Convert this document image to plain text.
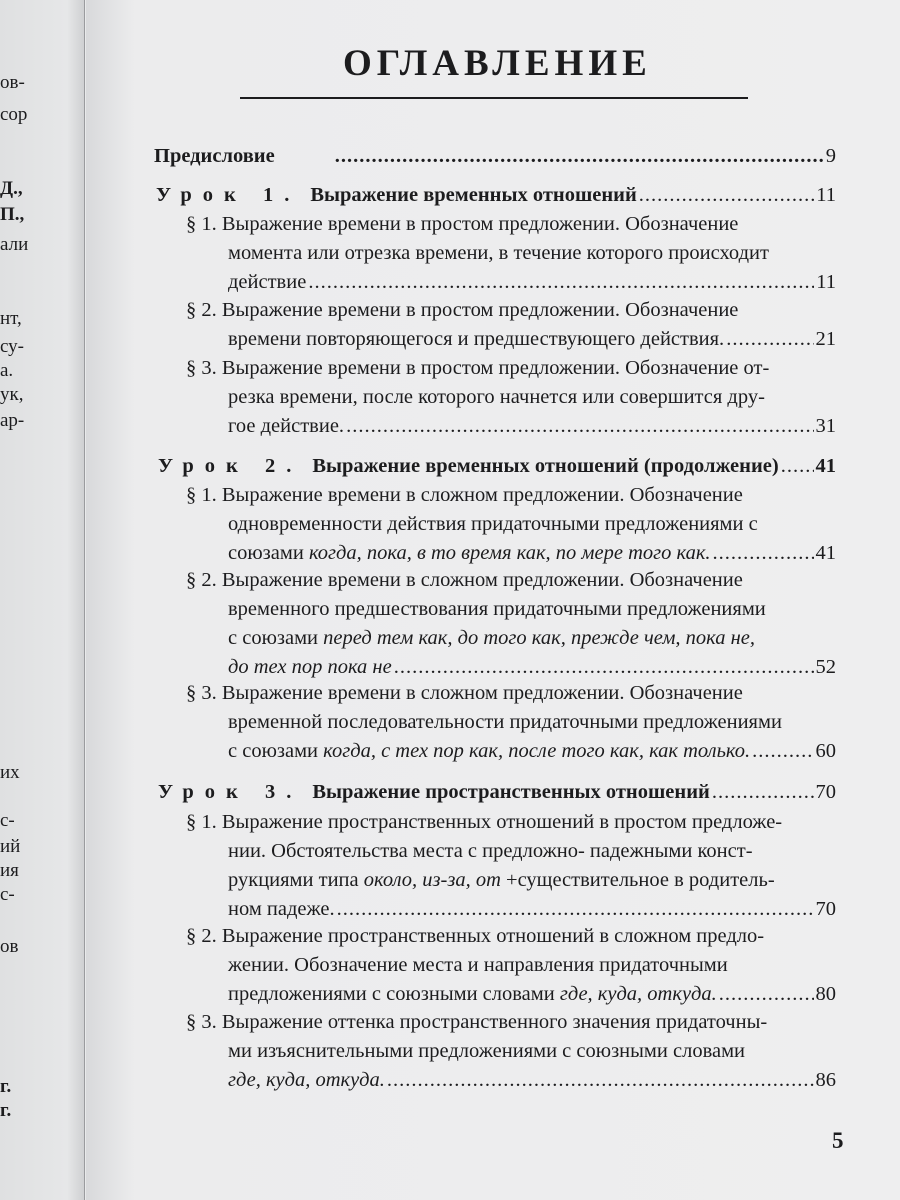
ов-
сор
Д.,
П.,
али
нт,
су-
а.
ук,
ар-
их
с-
ий
ия
с-
ов
г.
г.
ОГЛАВЛЕНИЕ
Предисловие .....	9
Урок 1. Выражение временных отношений .....	11
§ 1. Выражение времени в простом предложении. Обозначение
момента или отрезка времени, в течение которого происходит
действие .....	11
§ 2. Выражение времени в простом предложении. Обозначение
времени повторяющегося и предшествующего действия. .....	21
§ 3. Выражение времени в простом предложении. Обозначение от-
резка времени, после которого начнется или совершится дру-
гое действие. .....	31
Урок 2. Выражение временных отношений (продолжение) ..... 41
§ 1. Выражение времени в сложном предложении. Обозначение
одновременности действия придаточными предложениями с
союзами когда, пока, в то время как, по мере того как. .....	41
§ 2. Выражение времени в сложном предложении. Обозначение
временного предшествования придаточными предложениями
с союзами перед тем как, до того как, прежде чем, пока не,
до тех пор пока не .....	52
§ 3. Выражение времени в сложном предложении. Обозначение
временной последовательности придаточными предложениями
с союзами когда, с тех пор как, после того как, как только. .....	60
Урок 3. Выражение пространственных отношений .....	70
§ 1. Выражение пространственных отношений в простом предложе-
нии. Обстоятельства места с предложно- падежными конст-
рукциями типа около, из-за, от +существительное в родитель-
ном падеже. .....	70
§ 2. Выражение пространственных отношений в сложном предло-
жении. Обозначение места и направления придаточными
предложениями с союзными словами где, куда, откуда. .....	80
§ 3. Выражение оттенка пространственного значения придаточны-
ми изъяснительными предложениями с союзными словами
где, куда, откуда. .....	86
5
